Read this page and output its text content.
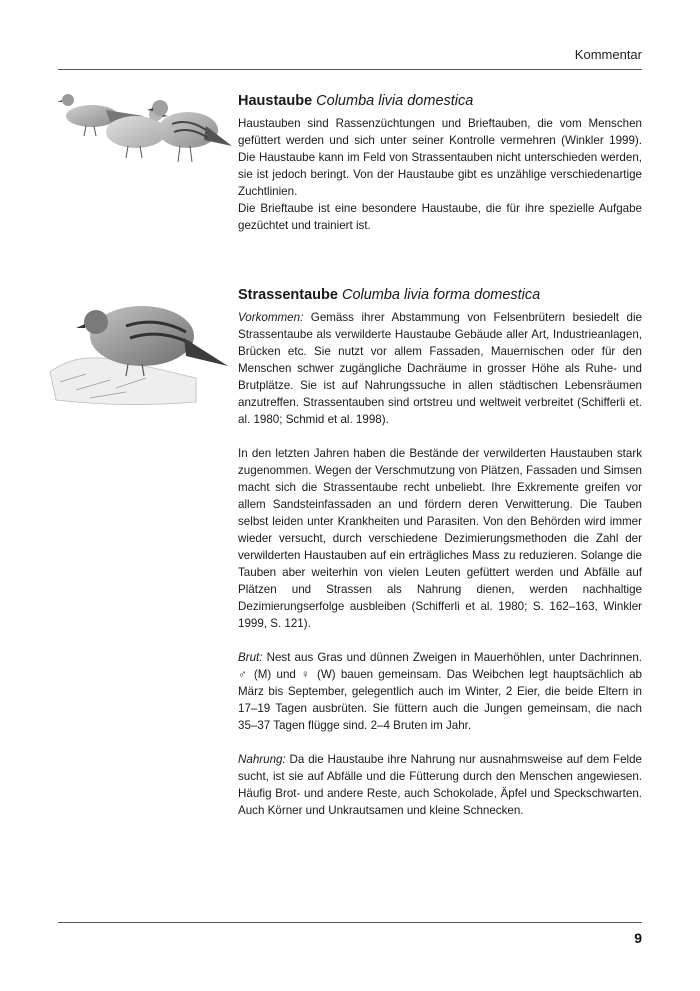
Kommentar
Haustaube Columba livia domestica

Haustauben sind Rassenzüchtungen und Brieftauben, die vom Menschen gefüttert werden und sich unter seiner Kontrolle vermehren (Winkler 1999). Die Haustaube kann im Feld von Strassentauben nicht unterschieden werden, sie ist jedoch beringt. Von der Haustaube gibt es unzählige verschiedenartige Zuchtlinien.

Die Brieftaube ist eine besondere Haustaube, die für ihre spezielle Aufgabe gezüchtet und trainiert ist.

Strassentaube Columba livia forma domestica

Vorkommen: Gemäss ihrer Abstammung von Felsenbrütern besiedelt die Strassentaube als verwilderte Haustaube Gebäude aller Art, Industrieanlagen, Brücken etc. Sie nutzt vor allem Fassaden, Mauernischen oder für den Menschen schwer zugängliche Dachräume in grosser Höhe als Ruhe- und Brutplätze. Sie ist auf Nahrungssuche in allen städtischen Lebensräumen anzutreffen. Strassentauben sind ortstreu und weltweit verbreitet (Schifferli et. al. 1980; Schmid et al. 1998).

In den letzten Jahren haben die Bestände der verwilderten Haustauben stark zugenommen. Wegen der Verschmutzung von Plätzen, Fassaden und Simsen macht sich die Strassentaube recht unbeliebt. Ihre Exkremente greifen vor allem Sandsteinfassaden an und fördern deren Verwitterung. Die Tauben selbst leiden unter Krankheiten und Parasiten. Von den Behörden wird immer wieder versucht, durch verschiedene Dezimierungsmethoden die Zahl der verwilderten Haustauben auf ein erträgliches Mass zu reduzieren. Solange die Tauben aber weiterhin von vielen Leuten gefüttert werden und Abfälle auf Plätzen und Strassen als Nahrung dienen, werden nachhaltige Dezimierungserfolge ausbleiben (Schifferli et al. 1980; S. 162–163, Winkler 1999, S. 121).

Brut: Nest aus Gras und dünnen Zweigen in Mauerhöhlen, unter Dachrinnen. ♂ (M) und ♀ (W) bauen gemeinsam. Das Weibchen legt hauptsächlich ab März bis September, gelegentlich auch im Winter, 2 Eier, die beide Eltern in 17–19 Tagen ausbrüten. Sie füttern auch die Jungen gemeinsam, die nach 35–37 Tagen flügge sind. 2–4 Bruten im Jahr.

Nahrung: Da die Haustaube ihre Nahrung nur ausnahmsweise auf dem Felde sucht, ist sie auf Abfälle und die Fütterung durch den Menschen angewiesen. Häufig Brot- und andere Reste, auch Schokolade, Äpfel und Speckschwarten. Auch Körner und Unkrautsamen und kleine Schnecken.

9
